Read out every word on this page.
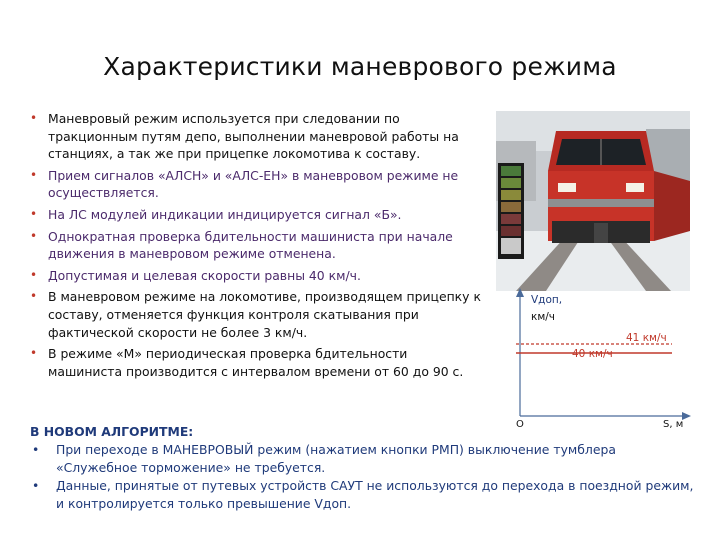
Характеристики маневрового режима
• Маневровый режим используется при следовании по тракционным путям депо, выполнении маневровой работы на станциях, а так же при прицепке локомотива к составу.
• Прием сигналов «АЛСН» и «АЛС-ЕН» в маневровом режиме не осуществляется.
• На ЛС модулей индикации индицируется сигнал «Б».
• Однократная проверка бдительности машиниста при начале движения в маневровом режиме отменена.
• Допустимая и целевая скорости равны 40 км/ч.
• В маневровом режиме на локомотиве, производящем прицепку к составу, отменяется функция контроля скатывания при фактической скорости не более 3 км/ч.
• В режиме «М» периодическая проверка бдительности машиниста производится с интервалом времени от 60 до 90 с.
Vдоп,
км/ч
41 км/ч
40 км/ч
О	S, м
В НОВОМ АЛГОРИТМЕ:
• При переходе в МАНЕВРОВЫЙ режим (нажатием кнопки РМП) выключение тумблера «Служебное торможение» не требуется.
• Данные, принятые от путевых устройств САУТ не используются до перехода в поездной режим, и контролируется только превышение Vдоп.
